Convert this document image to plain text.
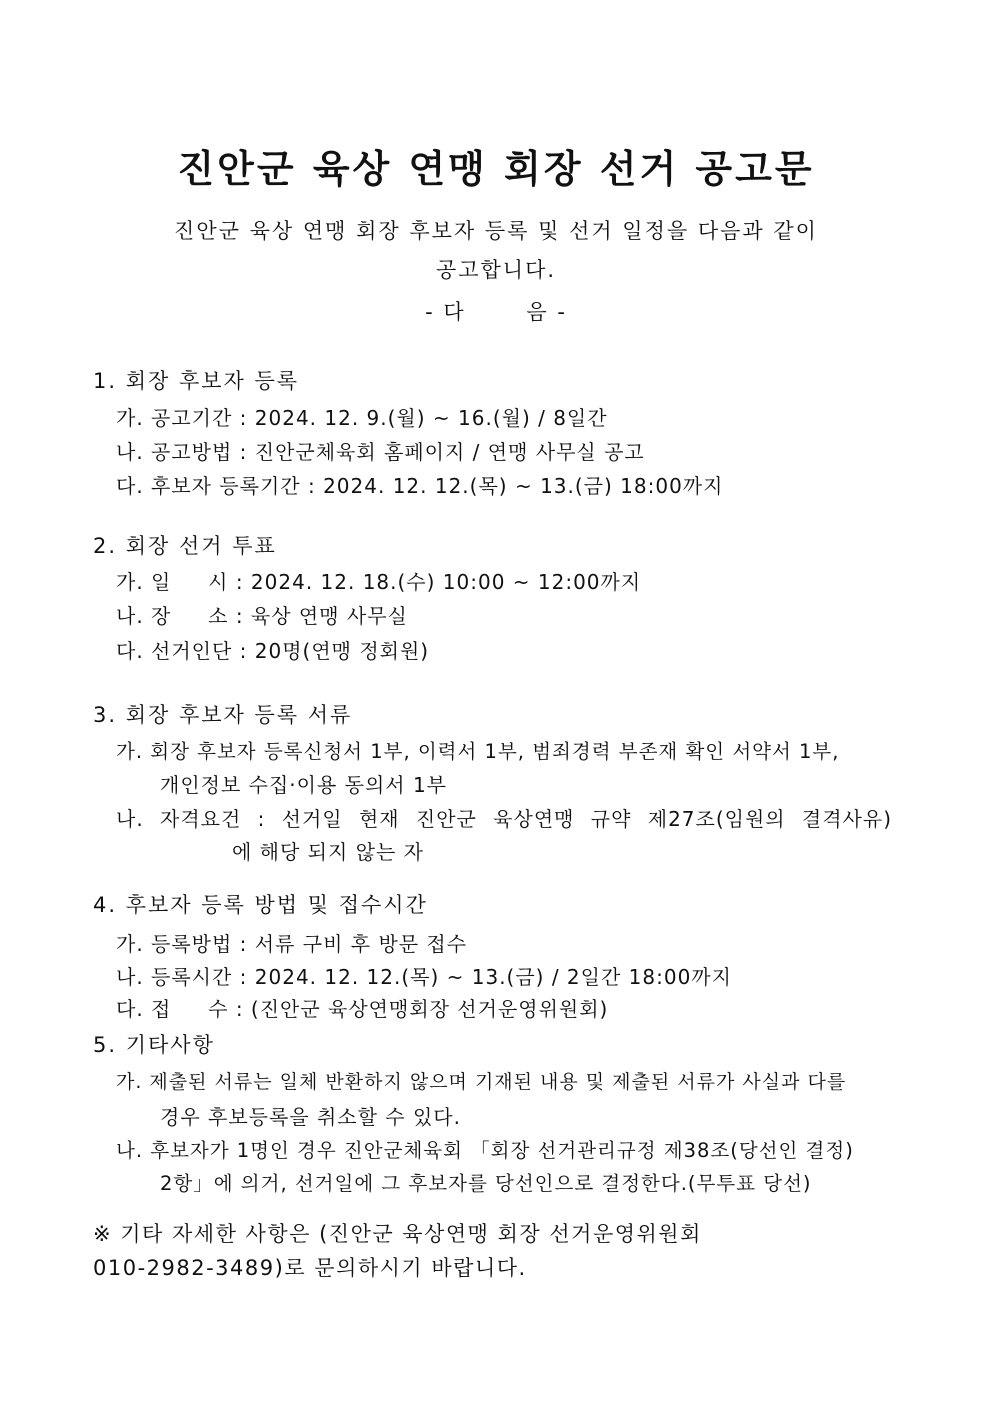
진안군 육상 연맹 회장 선거 공고문
진안군 육상 연맹 회장 후보자 등록 및 선거 일정을 다음과 같이
공고합니다.
- 다       음 -
1. 회장 후보자 등록
가. 공고기간 : 2024. 12. 9.(월) ~ 16.(월) / 8일간
나. 공고방법 : 진안군체육회 홈페이지 / 연맹 사무실 공고
다. 후보자 등록기간 : 2024. 12. 12.(목) ~ 13.(금) 18:00까지
2. 회장 선거 투표
가. 일     시 : 2024. 12. 18.(수) 10:00 ~ 12:00까지
나. 장     소 : 육상 연맹 사무실
다. 선거인단 : 20명(연맹 정회원)
3. 회장 후보자 등록 서류
가. 회장 후보자 등록신청서 1부, 이력서 1부, 범죄경력 부존재 확인 서약서 1부,
개인정보 수집·이용 동의서 1부
나. 자격요건 : 선거일 현재 진안군 육상연맹 규약 제27조(임원의 결격사유)
에 해당 되지 않는 자
4. 후보자 등록 방법 및 접수시간
가. 등록방법 : 서류 구비 후 방문 접수
나. 등록시간 : 2024. 12. 12.(목) ~ 13.(금) / 2일간 18:00까지
다. 접     수 : (진안군 육상연맹회장 선거운영위원회)
5. 기타사항
가. 제출된 서류는 일체 반환하지 않으며 기재된 내용 및 제출된 서류가 사실과 다를
경우 후보등록을 취소할 수 있다.
나. 후보자가 1명인 경우 진안군체육회 「회장 선거관리규정 제38조(당선인 결정)
2항」에 의거, 선거일에 그 후보자를 당선인으로 결정한다.(무투표 당선)
※ 기타 자세한 사항은 (진안군 육상연맹 회장 선거운영위원회
010-2982-3489)로 문의하시기 바랍니다.
